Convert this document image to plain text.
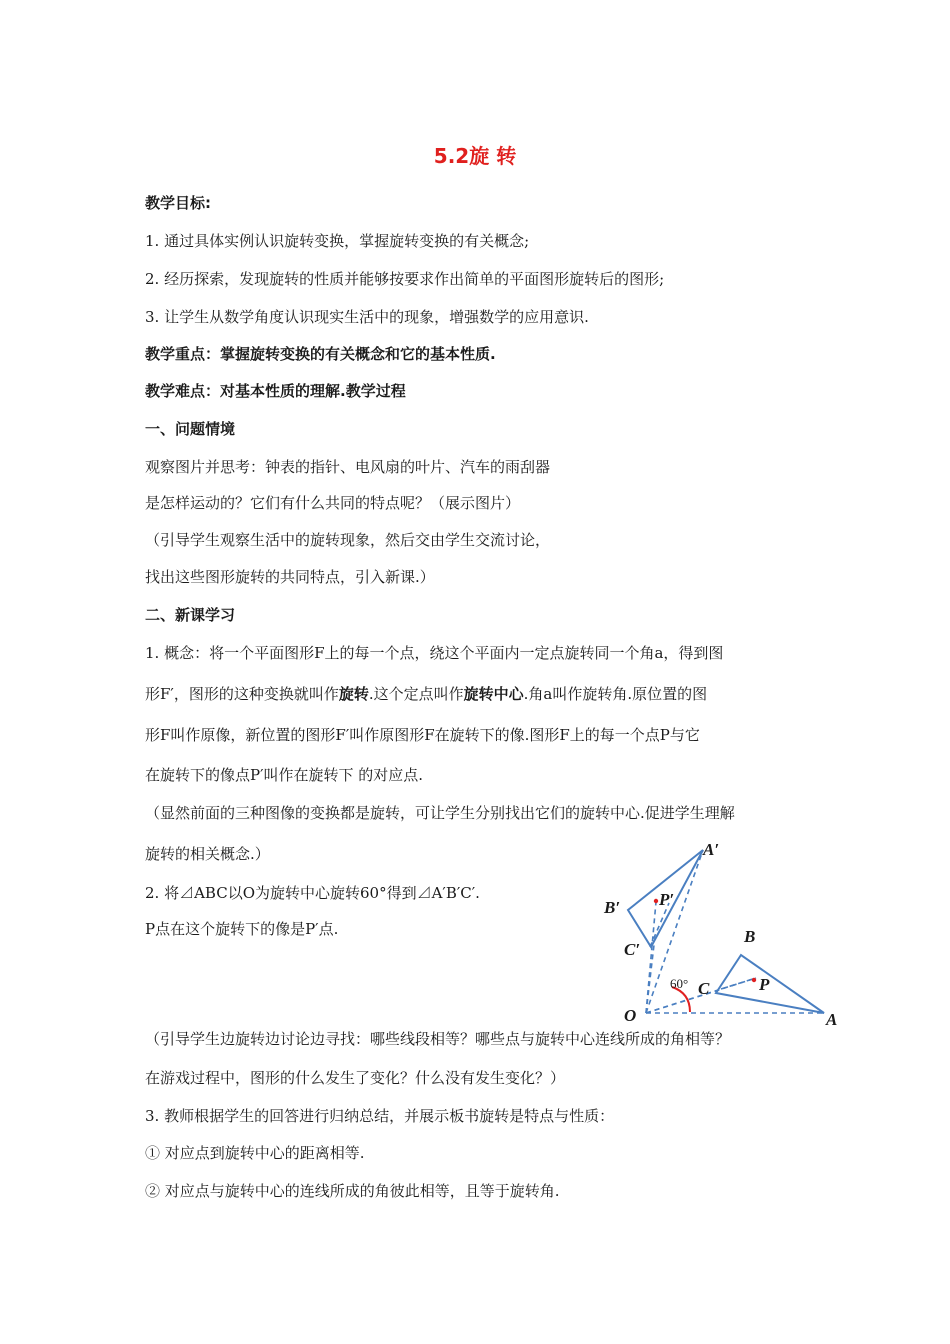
5.2旋 转
教学目标:
1. 通过具体实例认识旋转变换，掌握旋转变换的有关概念;
2. 经历探索，发现旋转的性质并能够按要求作出简单的平面图形旋转后的图形;
3. 让学生从数学角度认识现实生活中的现象，增强数学的应用意识.
教学重点：掌握旋转变换的有关概念和它的基本性质.
教学难点：对基本性质的理解.教学过程
一、问题情境
观察图片并思考：钟表的指针、电风扇的叶片、汽车的雨刮器
是怎样运动的？它们有什么共同的特点呢？（展示图片）
（引导学生观察生活中的旋转现象，然后交由学生交流讨论，
找出这些图形旋转的共同特点，引入新课.）
二、新课学习
1. 概念：将一个平面图形F上的每一个点，绕这个平面内一定点旋转同一个角a，得到图
形F′，图形的这种变换就叫作旋转.这个定点叫作旋转中心.角a叫作旋转角.原位置的图
形F叫作原像，新位置的图形F′叫作原图形F在旋转下的像.图形F上的每一个点P与它
在旋转下的像点P′叫作在旋转下 的对应点.
（显然前面的三种图像的变换都是旋转，可让学生分别找出它们的旋转中心.促进学生理解
旋转的相关概念.）
2. 将⊿ABC以O为旋转中心旋转60°得到⊿A′B′C′.
P点在这个旋转下的像是P′点.
A′
B′
C′
P′
B
C	P
O	A
60°
（引导学生边旋转边讨论边寻找：哪些线段相等？哪些点与旋转中心连线所成的角相等？
在游戏过程中，图形的什么发生了变化？什么没有发生变化？）
3. 教师根据学生的回答进行归纳总结，并展示板书旋转是特点与性质：
① 对应点到旋转中心的距离相等.
② 对应点与旋转中心的连线所成的角彼此相等，且等于旋转角.
